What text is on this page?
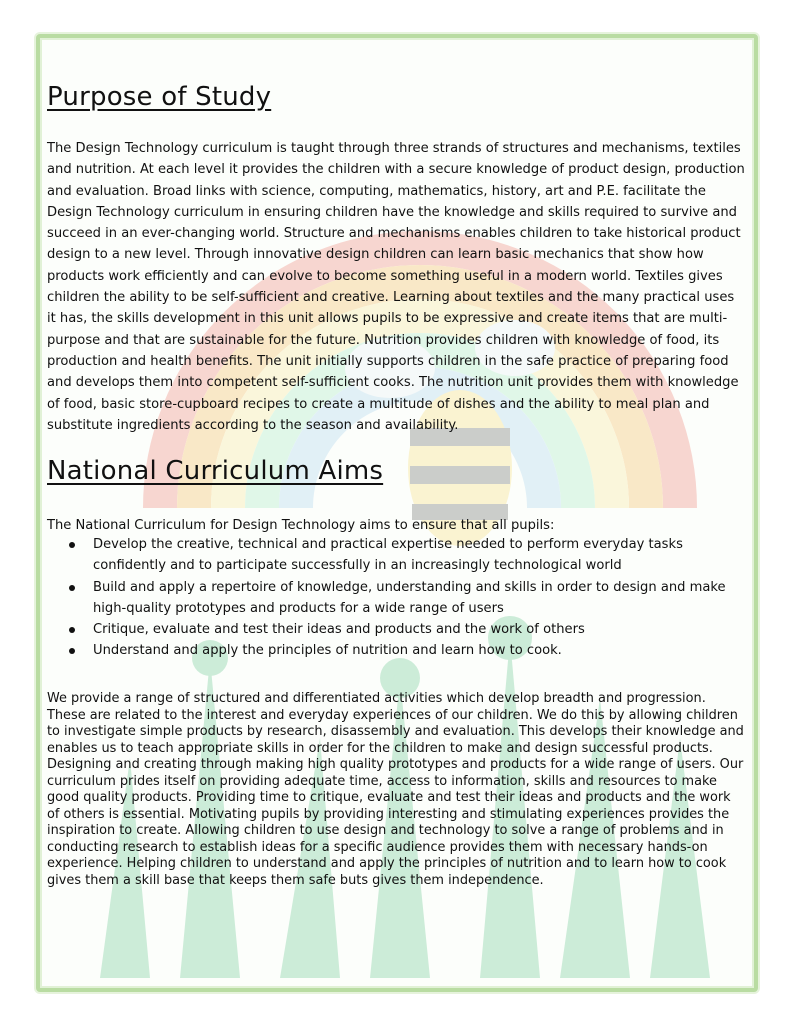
Purpose of Study

The Design Technology curriculum is taught through three strands of structures and mechanisms, textiles and nutrition. At each level it provides the children with a secure knowledge of product design, production and evaluation. Broad links with science, computing, mathematics, history, art and P.E. facilitate the Design Technology curriculum in ensuring children have the knowledge and skills required to survive and succeed in an ever-changing world. Structure and mechanisms enables children to take historical product design to a new level. Through innovative design children can learn basic mechanics that show how products work efficiently and can evolve to become something useful in a modern world. Textiles gives children the ability to be self-sufficient and creative. Learning about textiles and the many practical uses it has, the skills development in this unit allows pupils to be expressive and create items that are multi-purpose and that are sustainable for the future. Nutrition provides children with knowledge of food, its production and health benefits. The unit initially supports children in the safe practice of preparing food and develops them into competent self-sufficient cooks. The nutrition unit provides them with knowledge of food, basic store-cupboard recipes to create a multitude of dishes and the ability to meal plan and substitute ingredients according to the season and availability.

National Curriculum Aims

The National Curriculum for Design Technology aims to ensure that all pupils:

Develop the creative, technical and practical expertise needed to perform everyday tasks confidently and to participate successfully in an increasingly technological world
Build and apply a repertoire of knowledge, understanding and skills in order to design and make high-quality prototypes and products for a wide range of users
Critique, evaluate and test their ideas and products and the work of others
Understand and apply the principles of nutrition and learn how to cook.

We provide a range of structured and differentiated activities which develop breadth and progression. These are related to the interest and everyday experiences of our children. We do this by allowing children to investigate simple products by research, disassembly and evaluation. This develops their knowledge and enables us to teach appropriate skills in order for the children to make and design successful products. Designing and creating through making high quality prototypes and products for a wide range of users. Our curriculum prides itself on providing adequate time, access to information, skills and resources to make good quality products. Providing time to critique, evaluate and test their ideas and products and the work of others is essential. Motivating pupils by providing interesting and stimulating experiences provides the inspiration to create. Allowing children to use design and technology to solve a range of problems and in conducting research to establish ideas for a specific audience provides them with necessary hands-on experience. Helping children to understand and apply the principles of nutrition and to learn how to cook gives them a skill base that keeps them safe buts gives them independence.
